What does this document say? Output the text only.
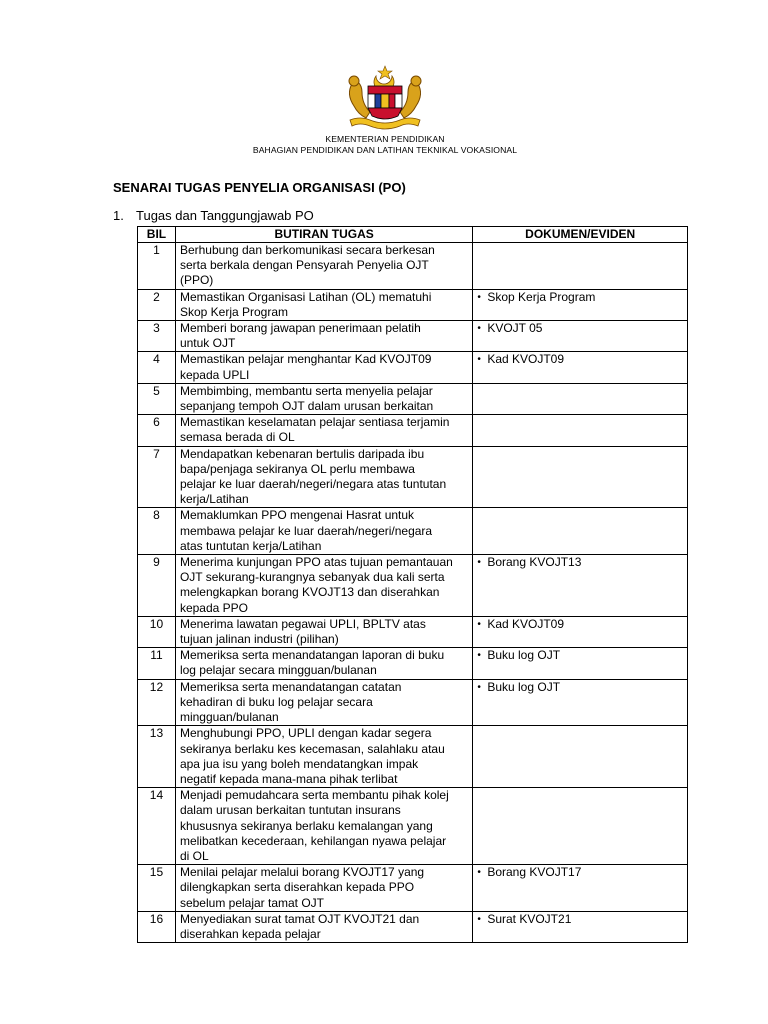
KEMENTERIAN PENDIDIKAN
BAHAGIAN PENDIDIKAN DAN LATIHAN TEKNIKAL VOKASIONAL
SENARAI TUGAS PENYELIA ORGANISASI (PO)
1. Tugas dan Tanggungjawab PO
BIL	BUTIRAN TUGAS	DOKUMEN/EVIDEN
1	Berhubung dan berkomunikasi secara berkesan
serta berkala dengan Pensyarah Penyelia OJT
(PPO)	

2	Memastikan Organisasi Latihan (OL) mematuhi
Skop Kerja Program	• Skop Kerja Program
3	Memberi borang jawapan penerimaan pelatih
untuk OJT	• KVOJT 05
4	Memastikan pelajar menghantar Kad KVOJT09
kepada UPLI	• Kad KVOJT09
5	Membimbing, membantu serta menyelia pelajar
sepanjang tempoh OJT dalam urusan berkaitan	

6	Memastikan keselamatan pelajar sentiasa terjamin
semasa berada di OL	

7	Mendapatkan kebenaran bertulis daripada ibu
bapa/penjaga sekiranya OL perlu membawa
pelajar ke luar daerah/negeri/negara atas tuntutan
kerja/Latihan	

8	Memaklumkan PPO mengenai Hasrat untuk
membawa pelajar ke luar daerah/negeri/negara
atas tuntutan kerja/Latihan	

9	Menerima kunjungan PPO atas tujuan pemantauan
OJT sekurang-kurangnya sebanyak dua kali serta
melengkapkan borang KVOJT13 dan diserahkan
kepada PPO	• Borang KVOJT13
10	Menerima lawatan pegawai UPLI, BPLTV atas
tujuan jalinan industri (pilihan)	• Kad KVOJT09
11	Memeriksa serta menandatangan laporan di buku
log pelajar secara mingguan/bulanan	• Buku log OJT
12	Memeriksa serta menandatangan catatan
kehadiran di buku log pelajar secara
mingguan/bulanan	• Buku log OJT
13	Menghubungi PPO, UPLI dengan kadar segera
sekiranya berlaku kes kecemasan, salahlaku atau
apa jua isu yang boleh mendatangkan impak
negatif kepada mana-mana pihak terlibat	

14	Menjadi pemudahcara serta membantu pihak kolej
dalam urusan berkaitan tuntutan insurans
khususnya sekiranya berlaku kemalangan yang
melibatkan kecederaan, kehilangan nyawa pelajar
di OL	

15	Menilai pelajar melalui borang KVOJT17 yang
dilengkapkan serta diserahkan kepada PPO
sebelum pelajar tamat OJT	• Borang KVOJT17
16	Menyediakan surat tamat OJT KVOJT21 dan
diserahkan kepada pelajar	• Surat KVOJT21
